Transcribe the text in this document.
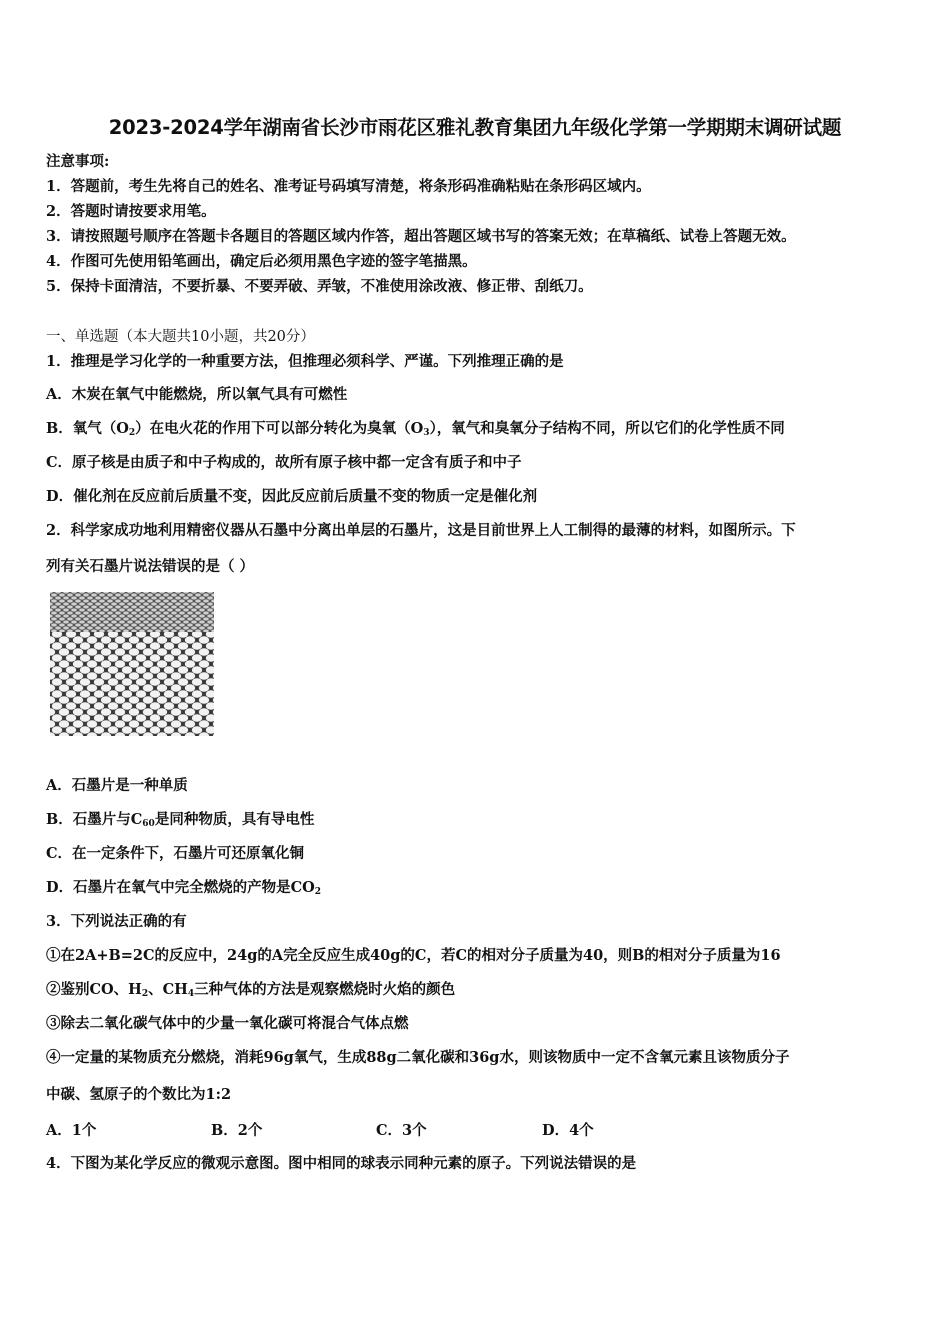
2023-2024学年湖南省长沙市雨花区雅礼教育集团九年级化学第一学期期末调研试题
注意事项:
1．答题前，考生先将自己的姓名、准考证号码填写清楚，将条形码准确粘贴在条形码区域内。
2．答题时请按要求用笔。
3．请按照题号顺序在答题卡各题目的答题区域内作答，超出答题区域书写的答案无效；在草稿纸、试卷上答题无效。
4．作图可先使用铅笔画出，确定后必须用黑色字迹的签字笔描黑。
5．保持卡面清洁，不要折暴、不要弄破、弄皱，不准使用涂改液、修正带、刮纸刀。
一、单选题（本大题共10小题，共20分）
1．推理是学习化学的一种重要方法，但推理必须科学、严谨。下列推理正确的是
A．木炭在氧气中能燃烧，所以氧气具有可燃性
B．氧气$(O_2)$在电火花的作用下可以部分转化为臭氧$(O_3)$，氧气和臭氧分子结构不同，所以它们的化学性质不同
C．原子核是由质子和中子构成的，故所有原子核中都一定含有质子和中子
D．催化剂在反应前后质量不变，因此反应前后质量不变的物质一定是催化剂
2．科学家成功地利用精密仪器从石墨中分离出单层的石墨片，这是目前世界上人工制得的最薄的材料，如图所示。下
列有关石墨片说法错误的是（ ）
A．石墨片是一种单质
B．石墨片与$C_{60}$是同种物质，具有导电性
C．在一定条件下，石墨片可还原氧化铜
D．石墨片在氧气中完全燃烧的产物是$CO_2$
3．下列说法正确的有
①在2A+B=2C的反应中，24g的A完全反应生成40g的C，若C的相对分子质量为40，则B的相对分子质量为16
②鉴别CO、$H_2$、$CH_4$三种气体的方法是观察燃烧时火焰的颜色
③除去二氧化碳气体中的少量一氧化碳可将混合气体点燃
④一定量的某物质充分燃烧，消耗96g氧气，生成88g二氧化碳和36g水，则该物质中一定不含氧元素且该物质分子
中碳、氢原子的个数比为1:2
A．1个	B．2个	C．3个	D．4个
4．下图为某化学反应的微观示意图。图中相同的球表示同种元素的原子。下列说法错误的是
